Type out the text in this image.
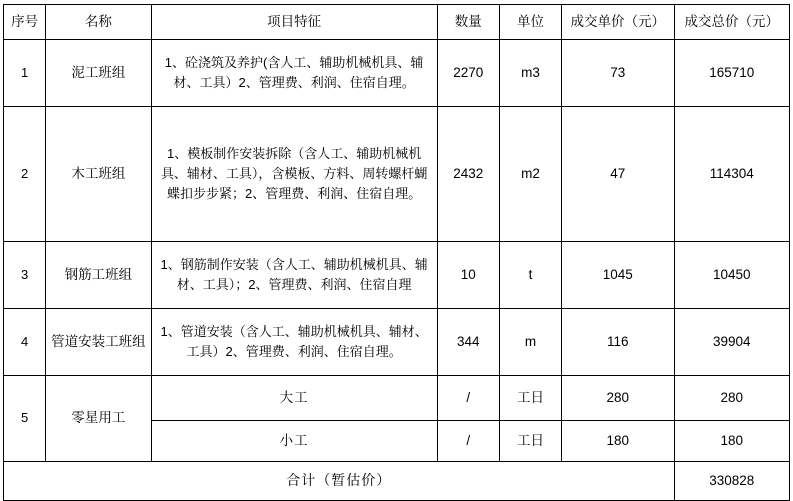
序号	名称	项目特征	数量	单位	成交单价（元）	成交总价（元）
1	泥工班组	1、砼浇筑及养护(含人工、辅助机械机具、辅材、工具）2、管理费、利润、住宿自理。	2270	m3	73	165710
2	木工班组	1、模板制作安装拆除（含人工、辅助机械机具、辅材、工具），含模板、方料、周转螺杆蝴蝶扣步步紧；2、管理费、利润、住宿自理。	2432	m2	47	114304
3	钢筋工班组	1、钢筋制作安装（含人工、辅助机械机具、辅材、工具）；2、管理费、利润、住宿自理	10	t	1045	10450
4	管道安装工班组	1、管道安装（含人工、辅助机械机具、辅材、工具）2、管理费、利润、住宿自理。	344	m	116	39904
5	零星用工	大工	/	工日	280	280
		小工	/	工日	180	180
合计（暂估价）						330828
